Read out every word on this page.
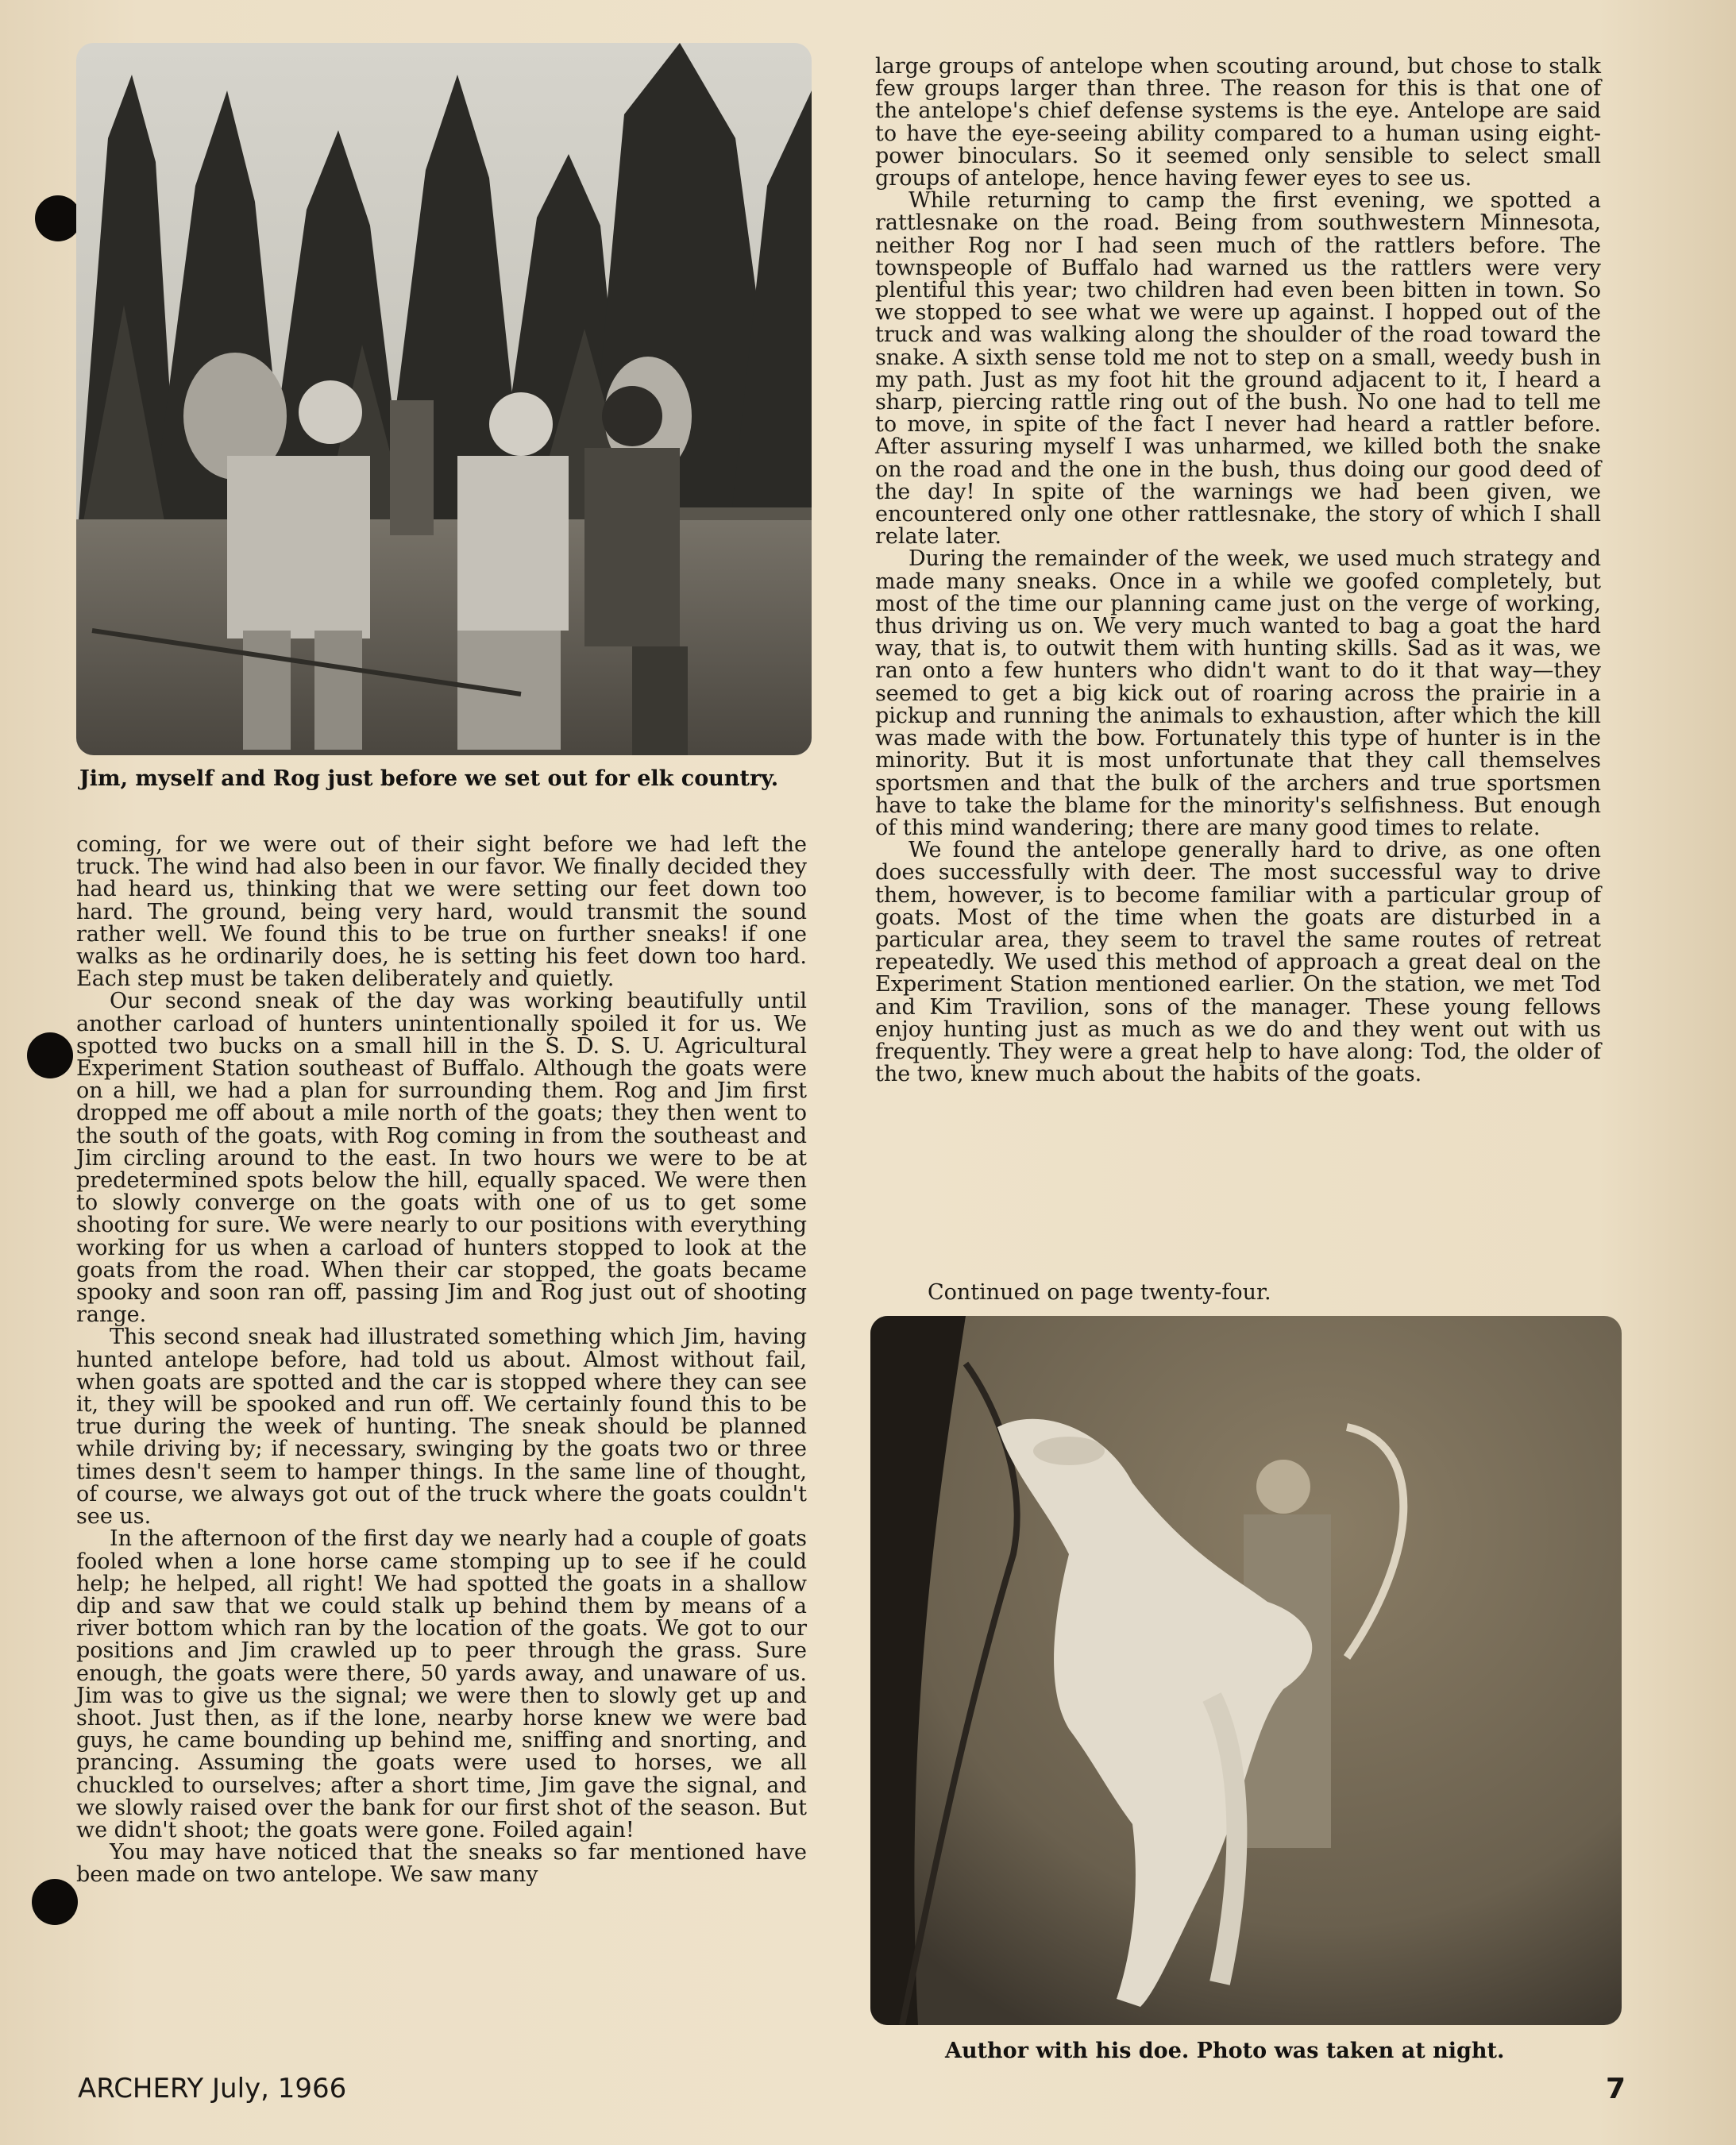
Jim, myself and Rog just before we set out for elk country.

coming, for we were out of their sight before we had left the truck. The wind had also been in our favor. We finally decided they had heard us, thinking that we were setting our feet down too hard. The ground, being very hard, would transmit the sound rather well. We found this to be true on further sneaks! if one walks as he ordinarily does, he is setting his feet down too hard. Each step must be taken deliberately and quietly.

Our second sneak of the day was working beautifully until another carload of hunters unintentionally spoiled it for us. We spotted two bucks on a small hill in the S. D. S. U. Agricultural Experiment Station southeast of Buffalo. Although the goats were on a hill, we had a plan for surrounding them. Rog and Jim first dropped me off about a mile north of the goats; they then went to the south of the goats, with Rog coming in from the southeast and Jim circling around to the east. In two hours we were to be at predetermined spots below the hill, equally spaced. We were then to slowly converge on the goats with one of us to get some shooting for sure. We were nearly to our positions with everything working for us when a carload of hunters stopped to look at the goats from the road. When their car stopped, the goats became spooky and soon ran off, passing Jim and Rog just out of shooting range.

This second sneak had illustrated something which Jim, having hunted antelope before, had told us about. Almost without fail, when goats are spotted and the car is stopped where they can see it, they will be spooked and run off. We certainly found this to be true during the week of hunting. The sneak should be planned while driving by; if necessary, swinging by the goats two or three times desn't seem to hamper things. In the same line of thought, of course, we always got out of the truck where the goats couldn't see us.

In the afternoon of the first day we nearly had a couple of goats fooled when a lone horse came stomping up to see if he could help; he helped, all right! We had spotted the goats in a shallow dip and saw that we could stalk up behind them by means of a river bottom which ran by the location of the goats. We got to our positions and Jim crawled up to peer through the grass. Sure enough, the goats were there, 50 yards away, and unaware of us. Jim was to give us the signal; we were then to slowly get up and shoot. Just then, as if the lone, nearby horse knew we were bad guys, he came bounding up behind me, sniffing and snorting, and prancing. Assuming the goats were used to horses, we all chuckled to ourselves; after a short time, Jim gave the signal, and we slowly raised over the bank for our first shot of the season. But we didn't shoot; the goats were gone. Foiled again!

You may have noticed that the sneaks so far mentioned have been made on two antelope. We saw many

large groups of antelope when scouting around, but chose to stalk few groups larger than three. The reason for this is that one of the antelope's chief defense systems is the eye. Antelope are said to have the eye-seeing ability compared to a human using eight-power binoculars. So it seemed only sensible to select small groups of antelope, hence having fewer eyes to see us.

While returning to camp the first evening, we spotted a rattlesnake on the road. Being from southwestern Minnesota, neither Rog nor I had seen much of the rattlers before. The townspeople of Buffalo had warned us the rattlers were very plentiful this year; two children had even been bitten in town. So we stopped to see what we were up against. I hopped out of the truck and was walking along the shoulder of the road toward the snake. A sixth sense told me not to step on a small, weedy bush in my path. Just as my foot hit the ground adjacent to it, I heard a sharp, piercing rattle ring out of the bush. No one had to tell me to move, in spite of the fact I never had heard a rattler before. After assuring myself I was unharmed, we killed both the snake on the road and the one in the bush, thus doing our good deed of the day! In spite of the warnings we had been given, we encountered only one other rattlesnake, the story of which I shall relate later.

During the remainder of the week, we used much strategy and made many sneaks. Once in a while we goofed completely, but most of the time our planning came just on the verge of working, thus driving us on. We very much wanted to bag a goat the hard way, that is, to outwit them with hunting skills. Sad as it was, we ran onto a few hunters who didn't want to do it that way—they seemed to get a big kick out of roaring across the prairie in a pickup and running the animals to exhaustion, after which the kill was made with the bow. Fortunately this type of hunter is in the minority. But it is most unfortunate that they call themselves sportsmen and that the bulk of the archers and true sportsmen have to take the blame for the minority's selfishness. But enough of this mind wandering; there are many good times to relate.

We found the antelope generally hard to drive, as one often does successfully with deer. The most successful way to drive them, however, is to become familiar with a particular group of goats. Most of the time when the goats are disturbed in a particular area, they seem to travel the same routes of retreat repeatedly. We used this method of approach a great deal on the Experiment Station mentioned earlier. On the station, we met Tod and Kim Travilion, sons of the manager. These young fellows enjoy hunting just as much as we do and they went out with us frequently. They were a great help to have along: Tod, the older of the two, knew much about the habits of the goats.

Continued on page twenty-four.
Author with his doe. Photo was taken at night.
ARCHERY July, 1966	7
